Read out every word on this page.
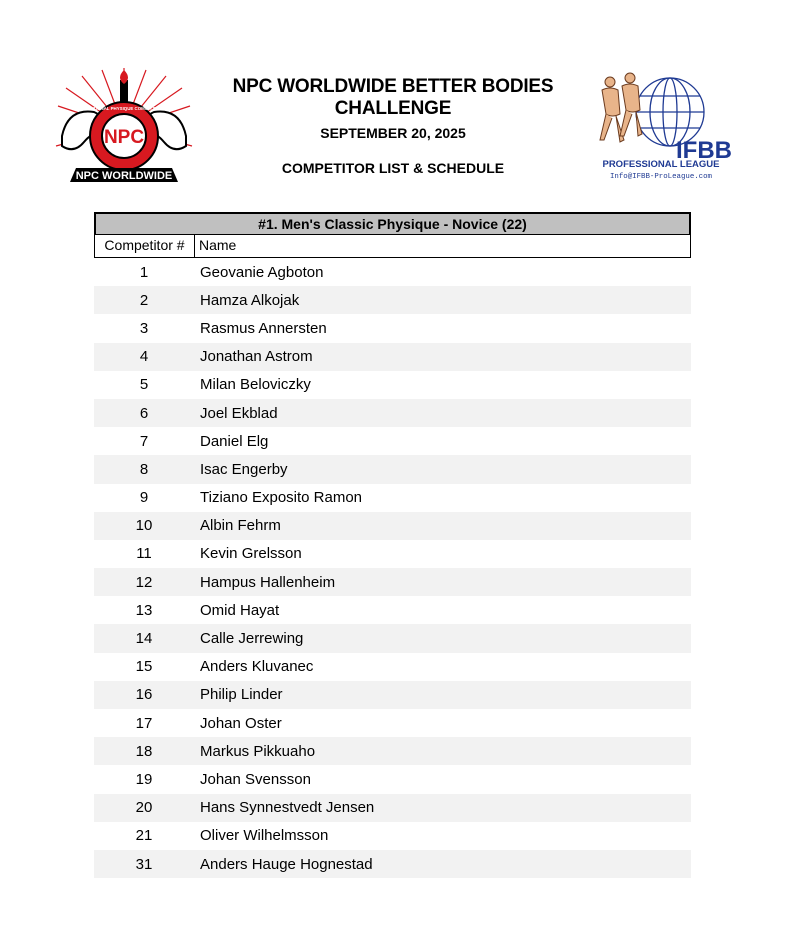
NPC
NATIONAL PHYSIQUE COMMITTEE
NPC WORLDWIDE
NPC WORLDWIDE BETTER BODIES CHALLENGE
SEPTEMBER 20, 2025
COMPETITOR LIST & SCHEDULE
IFBB
PROFESSIONAL LEAGUE
Info@IFBB-ProLeague.com
#1. Men's Classic Physique - Novice (22)
Competitor #	Name
1	Geovanie Agboton
2	Hamza Alkojak
3	Rasmus Annersten
4	Jonathan Astrom
5	Milan Beloviczky
6	Joel Ekblad
7	Daniel Elg
8	Isac Engerby
9	Tiziano Exposito Ramon
10	Albin Fehrm
11	Kevin Grelsson
12	Hampus Hallenheim
13	Omid Hayat
14	Calle Jerrewing
15	Anders Kluvanec
16	Philip Linder
17	Johan Oster
18	Markus Pikkuaho
19	Johan Svensson
20	Hans Synnestvedt Jensen
21	Oliver Wilhelmsson
31	Anders Hauge Hognestad
